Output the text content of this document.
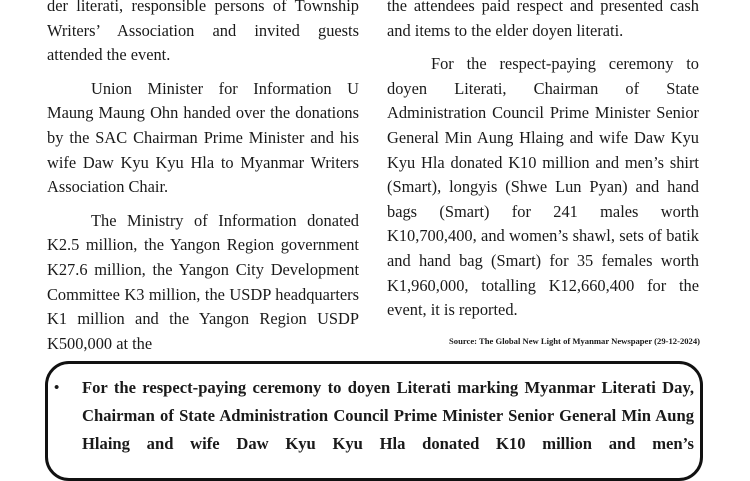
der literati, responsible persons of Township Writers’ Association and invited guests attended the event.

Union Minister for Information U Maung Maung Ohn handed over the donations by the SAC Chairman Prime Minister and his wife Daw Kyu Kyu Hla to Myanmar Writers Association Chair.

The Ministry of Information donated K2.5 million, the Yangon Region government K27.6 million, the Yangon City Development Committee K3 million, the USDP headquarters K1 million and the Yangon Region USDP K500,000 at the

the attendees paid respect and presented cash and items to the elder doyen literati.

For the respect-paying ceremony to doyen Literati, Chairman of State Administration Council Prime Minister Senior General Min Aung Hlaing and wife Daw Kyu Kyu Hla donated K10 million and men’s shirt (Smart), longyis (Shwe Lun Pyan) and hand bags (Smart) for 241 males worth K10,700,400, and women’s shawl, sets of batik and hand bag (Smart) for 35 females worth K1,960,000, totalling K12,660,400 for the event, it is reported.

Source: The Global New Light of Myanmar Newspaper (29-12-2024)
• For the respect-paying ceremony to doyen Literati marking Myanmar Literati Day, Chairman of State Administration Council Prime Minister Senior General Min Aung Hlaing and wife Daw Kyu Kyu Hla donated K10 million and men’s
